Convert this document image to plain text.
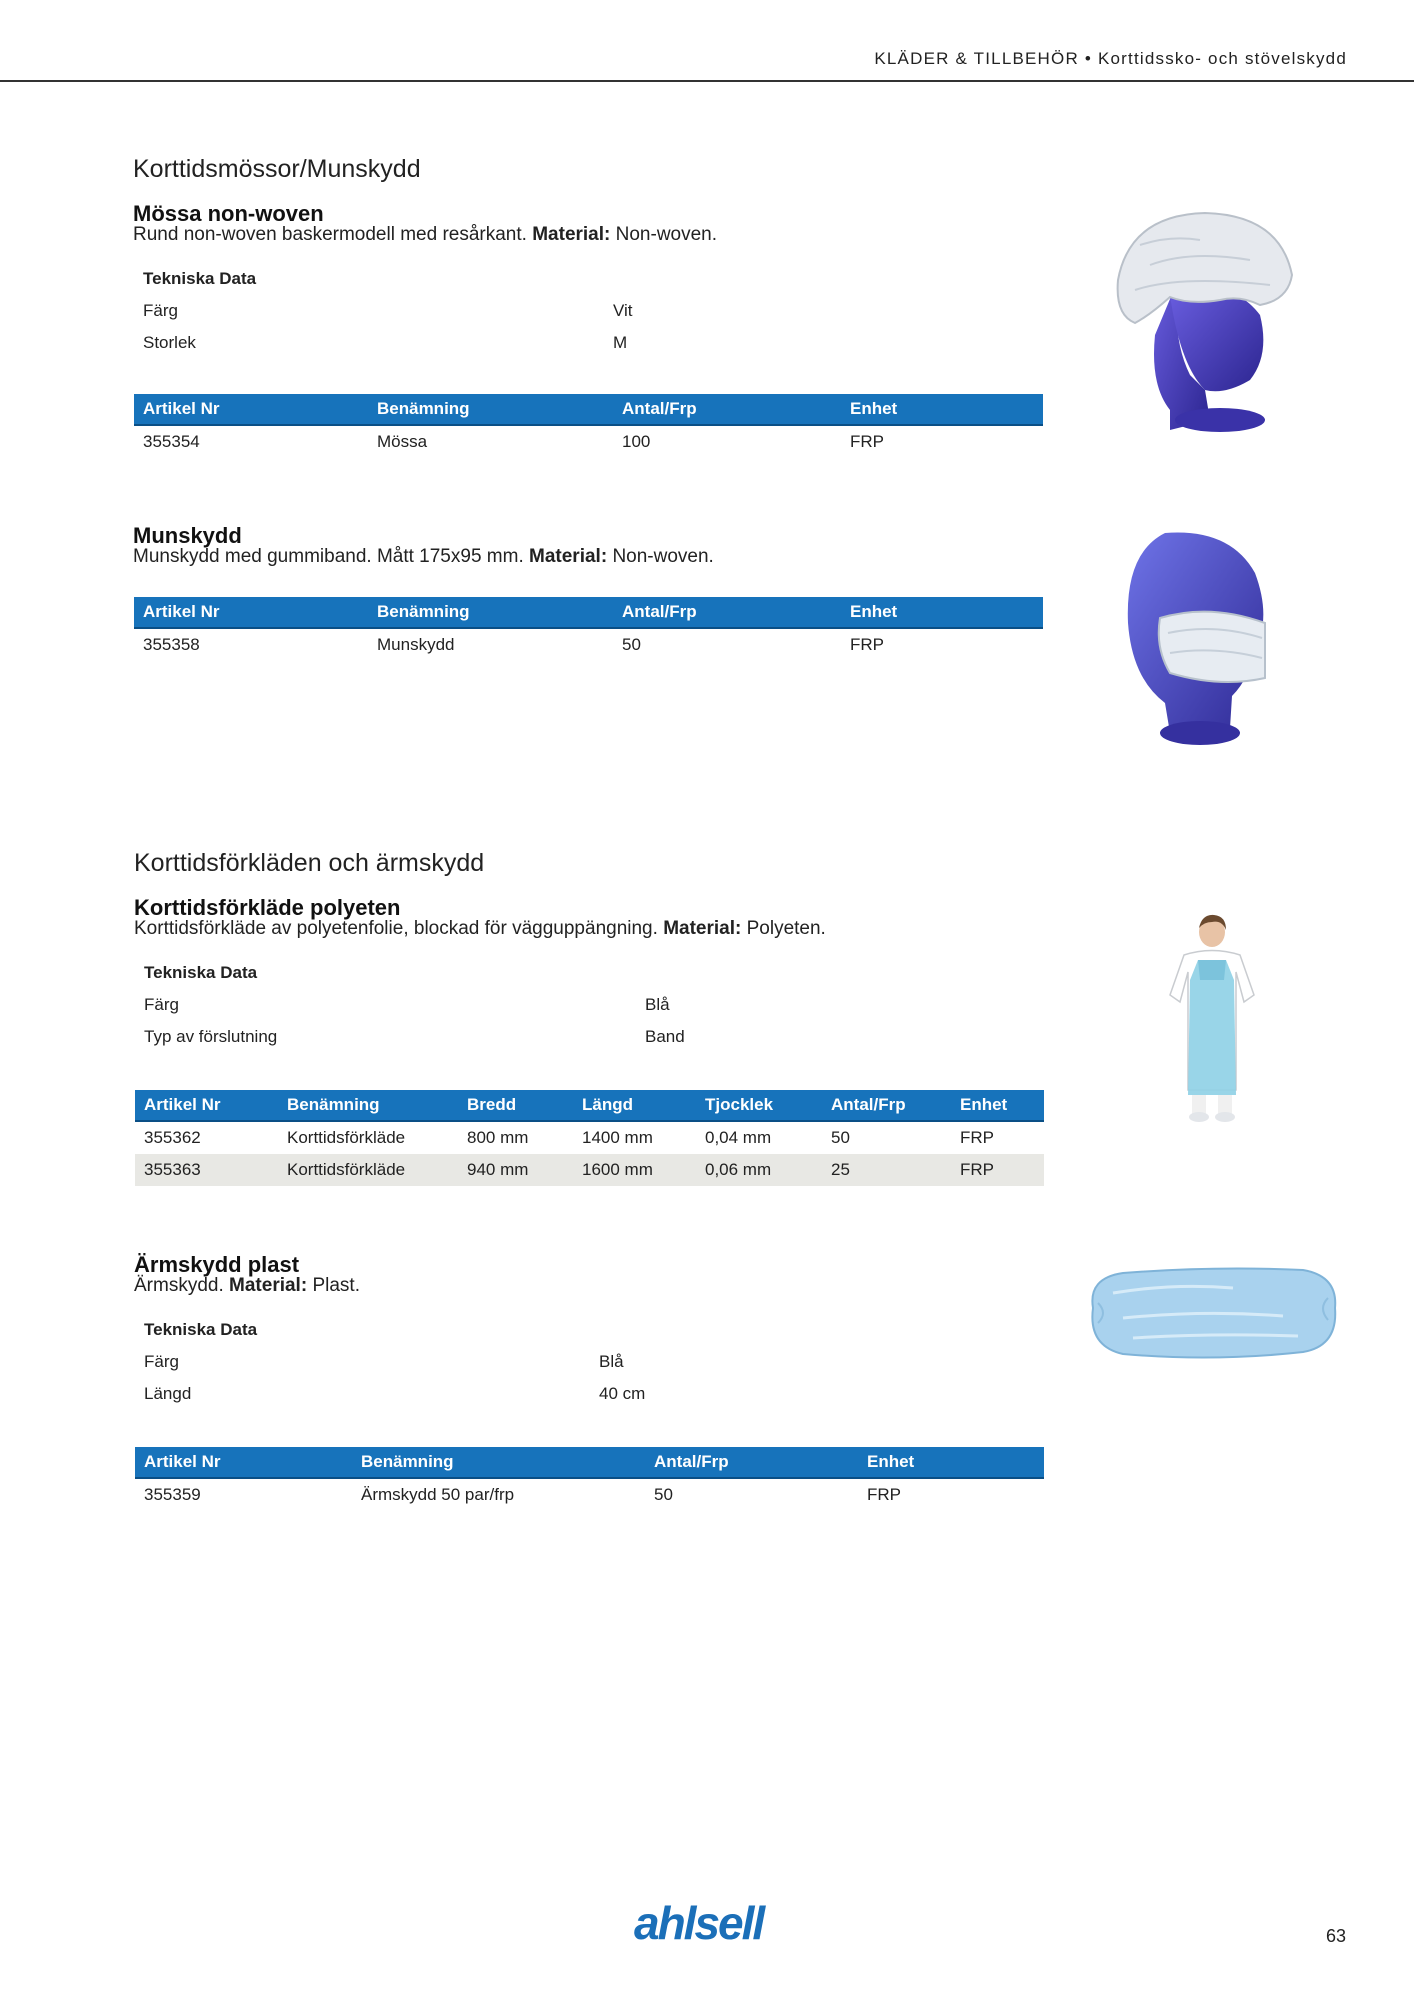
KLÄDER & TILLBEHÖR • Korttidssko- och stövelskydd
Korttidsmössor/Munskydd
Mössa non-woven

Rund non-woven baskermodell med resårkant. Material: Non-woven.

Tekniska Data
Färg	Vit
Storlek	M
Artikel Nr	Benämning	Antal/Frp	Enhet
355354	Mössa	100	FRP
Munskydd

Munskydd med gummiband. Mått 175x95 mm. Material: Non-woven.

Artikel Nr	Benämning	Antal/Frp	Enhet
355358	Munskydd	50	FRP
Korttidsförkläden och ärmskydd
Korttidsförkläde polyeten

Korttidsförkläde av polyetenfolie, blockad för vägguppängning. Material: Polyeten.

Tekniska Data
Färg	Blå
Typ av förslutning	Band
Artikel Nr	Benämning	Bredd	Längd	Tjocklek	Antal/Frp	Enhet
355362	Korttidsförkläde	800 mm	1400 mm	0,04 mm	50	FRP
355363	Korttidsförkläde	940 mm	1600 mm	0,06 mm	25	FRP
Ärmskydd plast

Ärmskydd. Material: Plast.

Tekniska Data
Färg	Blå
Längd	40 cm
Artikel Nr	Benämning	Antal/Frp	Enhet
355359	Ärmskydd 50 par/frp	50	FRP
ahlsell	63
